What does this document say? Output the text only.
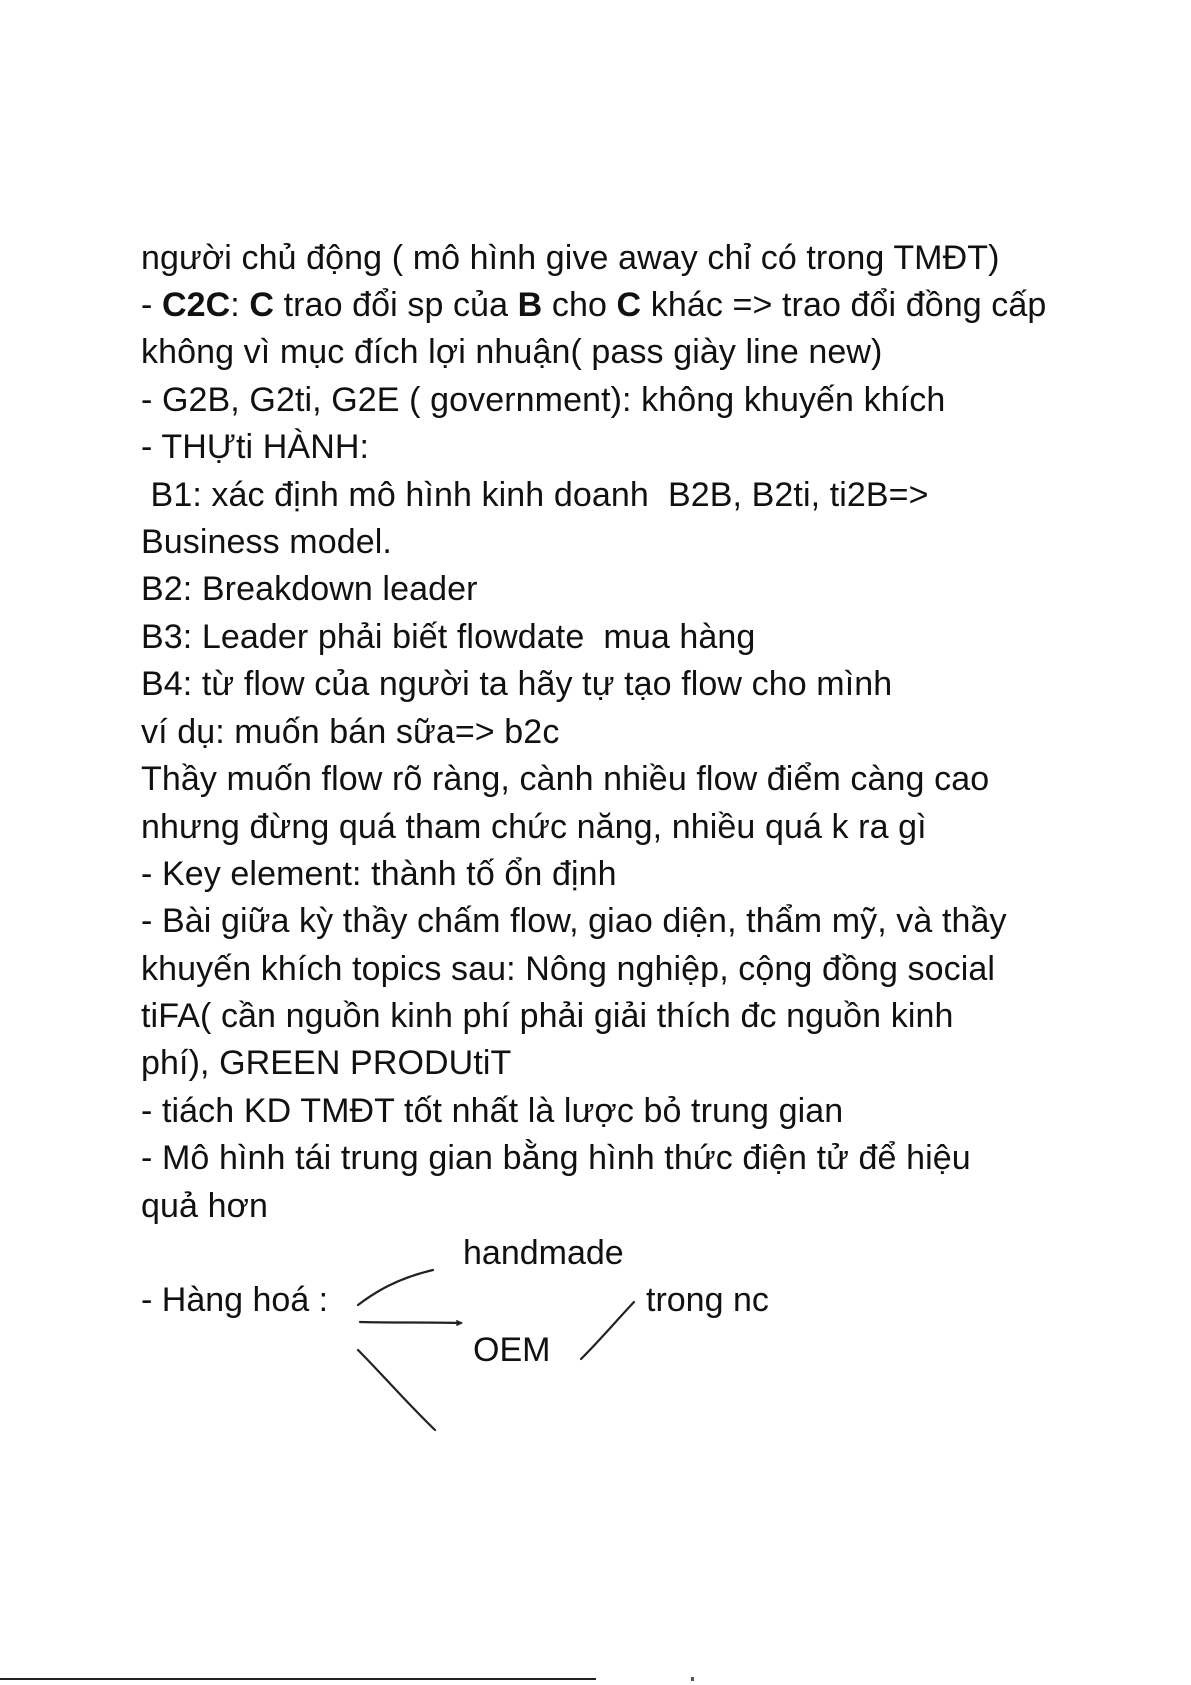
người chủ động ( mô hình give away chỉ có trong TMĐT)
- C2C: C trao đổi sp của B cho C khác => trao đổi đồng cấp
không vì mục đích lợi nhuận( pass giày line new)
- G2B, G2ti, G2E ( government): không khuyến khích
- THỰti HÀNH:
B1: xác định mô hình kinh doanh  B2B, B2ti, ti2B=>
Business model.
B2: Breakdown leader
B3: Leader phải biết flowdate  mua hàng
B4: từ flow của người ta hãy tự tạo flow cho mình
ví dụ: muốn bán sữa=> b2c
Thầy muốn flow rõ ràng, cành nhiều flow điểm càng cao
nhưng đừng quá tham chức năng, nhiều quá k ra gì
- Key element: thành tố ổn định
- Bài giữa kỳ thầy chấm flow, giao diện, thẩm mỹ, và thầy
khuyến khích topics sau: Nông nghiệp, cộng đồng social
tiFA( cần nguồn kinh phí phải giải thích đc nguồn kinh
phí), GREEN PRODUtiT
- tiách KD TMĐT tốt nhất là lược bỏ trung gian
- Mô hình tái trung gian bằng hình thức điện tử để hiệu
quả hơn
handmade
- Hàng hoá :	trong nc
OEM
